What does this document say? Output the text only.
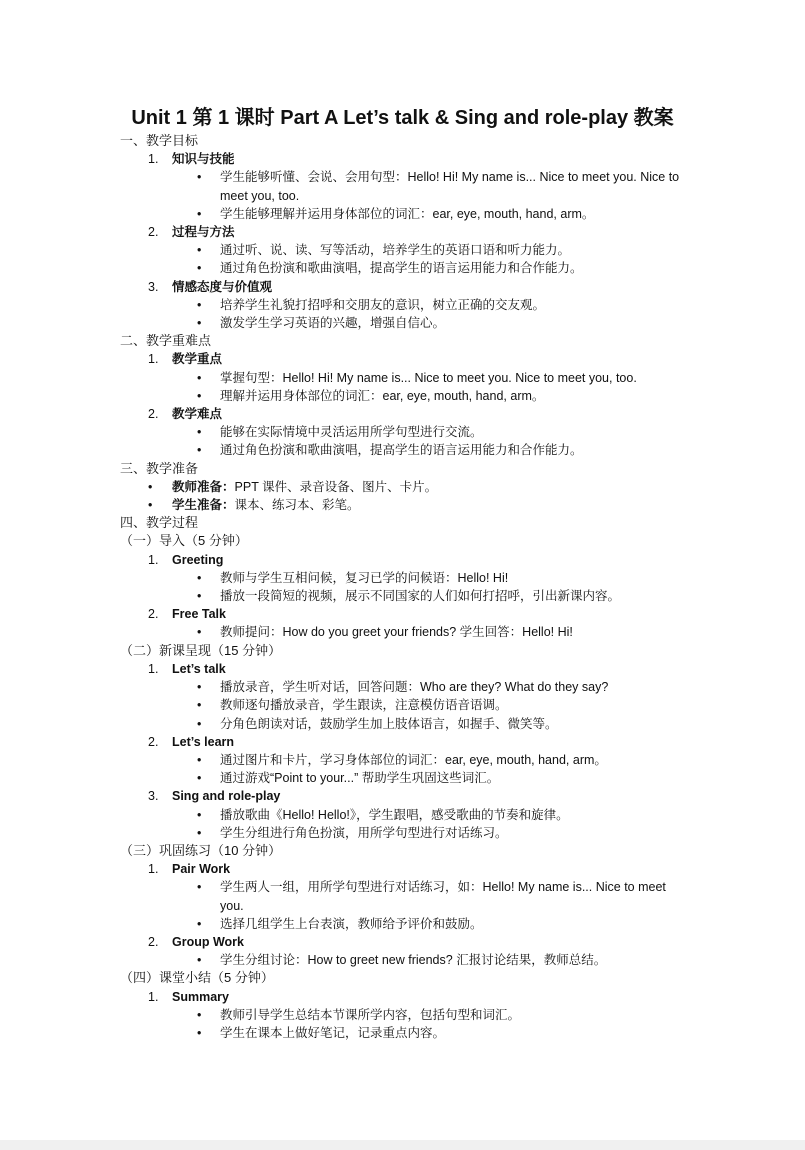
Unit 1 第 1 课时 Part A Let’s talk & Sing and role-play 教案
一、教学目标
1.	知识与技能
•	学生能够听懂、会说、会用句型：Hello! Hi! My name is... Nice to meet you. Nice to meet you, too.
•	学生能够理解并运用身体部位的词汇：ear, eye, mouth, hand, arm。
2.	过程与方法
•	通过听、说、读、写等活动，培养学生的英语口语和听力能力。
•	通过角色扮演和歌曲演唱，提高学生的语言运用能力和合作能力。
3.	情感态度与价值观
•	培养学生礼貌打招呼和交朋友的意识，树立正确的交友观。
•	激发学生学习英语的兴趣，增强自信心。
二、教学重难点
1.	教学重点
•	掌握句型：Hello! Hi! My name is... Nice to meet you. Nice to meet you, too.
•	理解并运用身体部位的词汇：ear, eye, mouth, hand, arm。
2.	教学难点
•	能够在实际情境中灵活运用所学句型进行交流。
•	通过角色扮演和歌曲演唱，提高学生的语言运用能力和合作能力。
三、教学准备
•	教师准备：PPT 课件、录音设备、图片、卡片。
•	学生准备：课本、练习本、彩笔。
四、教学过程
（一）导入（5 分钟）
1.	Greeting
•	教师与学生互相问候，复习已学的问候语：Hello! Hi!
•	播放一段简短的视频，展示不同国家的人们如何打招呼，引出新课内容。
2.	Free Talk
•	教师提问：How do you greet your friends? 学生回答：Hello! Hi!
（二）新课呈现（15 分钟）
1.	Let’s talk
•	播放录音，学生听对话，回答问题：Who are they? What do they say?
•	教师逐句播放录音，学生跟读，注意模仿语音语调。
•	分角色朗读对话，鼓励学生加上肢体语言，如握手、微笑等。
2.	Let’s learn
•	通过图片和卡片，学习身体部位的词汇：ear, eye, mouth, hand, arm。
•	通过游戏“Point to your...” 帮助学生巩固这些词汇。
3.	Sing and role-play
•	播放歌曲《Hello! Hello!》，学生跟唱，感受歌曲的节奏和旋律。
•	学生分组进行角色扮演，用所学句型进行对话练习。
（三）巩固练习（10 分钟）
1.	Pair Work
•	学生两人一组，用所学句型进行对话练习，如：Hello! My name is... Nice to meet you.
•	选择几组学生上台表演，教师给予评价和鼓励。
2.	Group Work
•	学生分组讨论：How to greet new friends? 汇报讨论结果，教师总结。
（四）课堂小结（5 分钟）
1.	Summary
•	教师引导学生总结本节课所学内容，包括句型和词汇。
•	学生在课本上做好笔记，记录重点内容。
